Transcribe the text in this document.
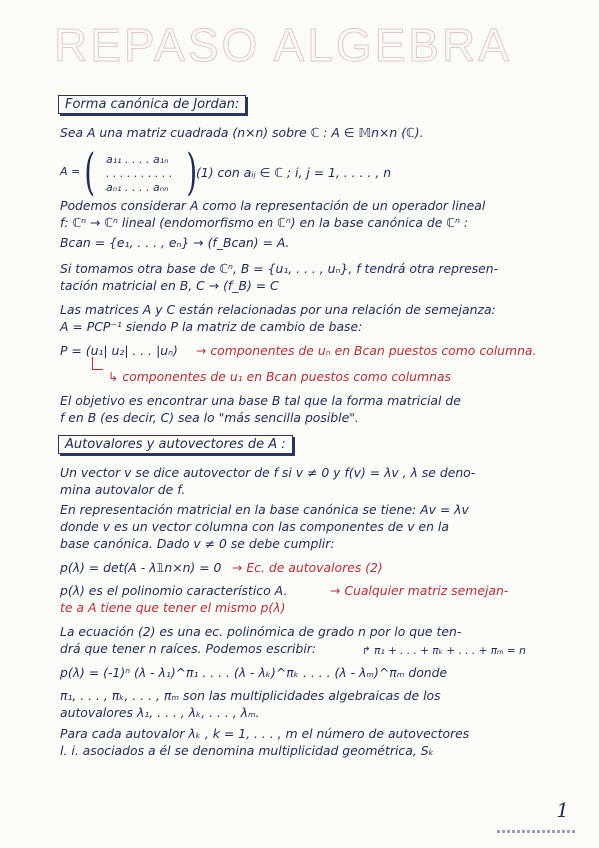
REPASO ALGEBRA
Forma canónica de Jordan:
Sea A una matriz cuadrada (n×n) sobre ℂ : A ∈ 𝕄n×n (ℂ).
A = ( a₁₁ . . . . a₁ₙ
. . . . . . . . . .
aₙ₁ . . . . aₙₙ )
(1) con aᵢⱼ ∈ ℂ ; i, j = 1, . . . . , n
Podemos considerar A como la representación de un operador lineal
f: ℂⁿ → ℂⁿ lineal (endomorfismo en ℂⁿ) en la base canónica de ℂⁿ :
Bcan = {e₁, . . . , eₙ} → (f_Bcan) = A.
Si tomamos otra base de ℂⁿ, B = {u₁, . . . , uₙ}, f tendrá otra represen-
tación matricial en B, C → (f_B) = C
Las matrices A y C están relacionadas por una relación de semejanza:
A = PCP⁻¹ siendo P la matriz de cambio de base:
P = (u₁| u₂| . . . |uₙ) → componentes de uₙ en Bcan puestos como columna.
↳ componentes de u₁ en Bcan puestos como columnas
El objetivo es encontrar una base B tal que la forma matricial de
f en B (es decir, C) sea lo "más sencilla posible".
Autovalores y autovectores de A :
Un vector v se dice autovector de f si v ≠ 0 y f(v) = λv , λ se deno-
mina autovalor de f.
En representación matricial en la base canónica se tiene: Av = λv
donde v es un vector columna con las componentes de v en la
base canónica. Dado v ≠ 0 se debe cumplir:
p(λ) = det(A - λ𝟙n×n) = 0 → Ec. de autovalores (2)
p(λ) es el polinomio característico A.	→ Cualquier matriz semejan-
te a A tiene que tener el mismo p(λ)
La ecuación (2) es una ec. polinómica de grado n por lo que ten-
drá que tener n raíces. Podemos escribir:	↱ π₁ + . . . + πₖ + . . . + πₘ = n
p(λ) = (-1)ⁿ (λ - λ₁)^π₁ . . . . (λ - λₖ)^πₖ . . . . (λ - λₘ)^πₘ donde
π₁, . . . , πₖ, . . . , πₘ son las multiplicidades algebraicas de los
autovalores λ₁, . . . , λₖ, . . . , λₘ.
Para cada autovalor λₖ , k = 1, . . . , m el número de autovectores
l. i. asociados a él se denomina multiplicidad geométrica, Sₖ
1
